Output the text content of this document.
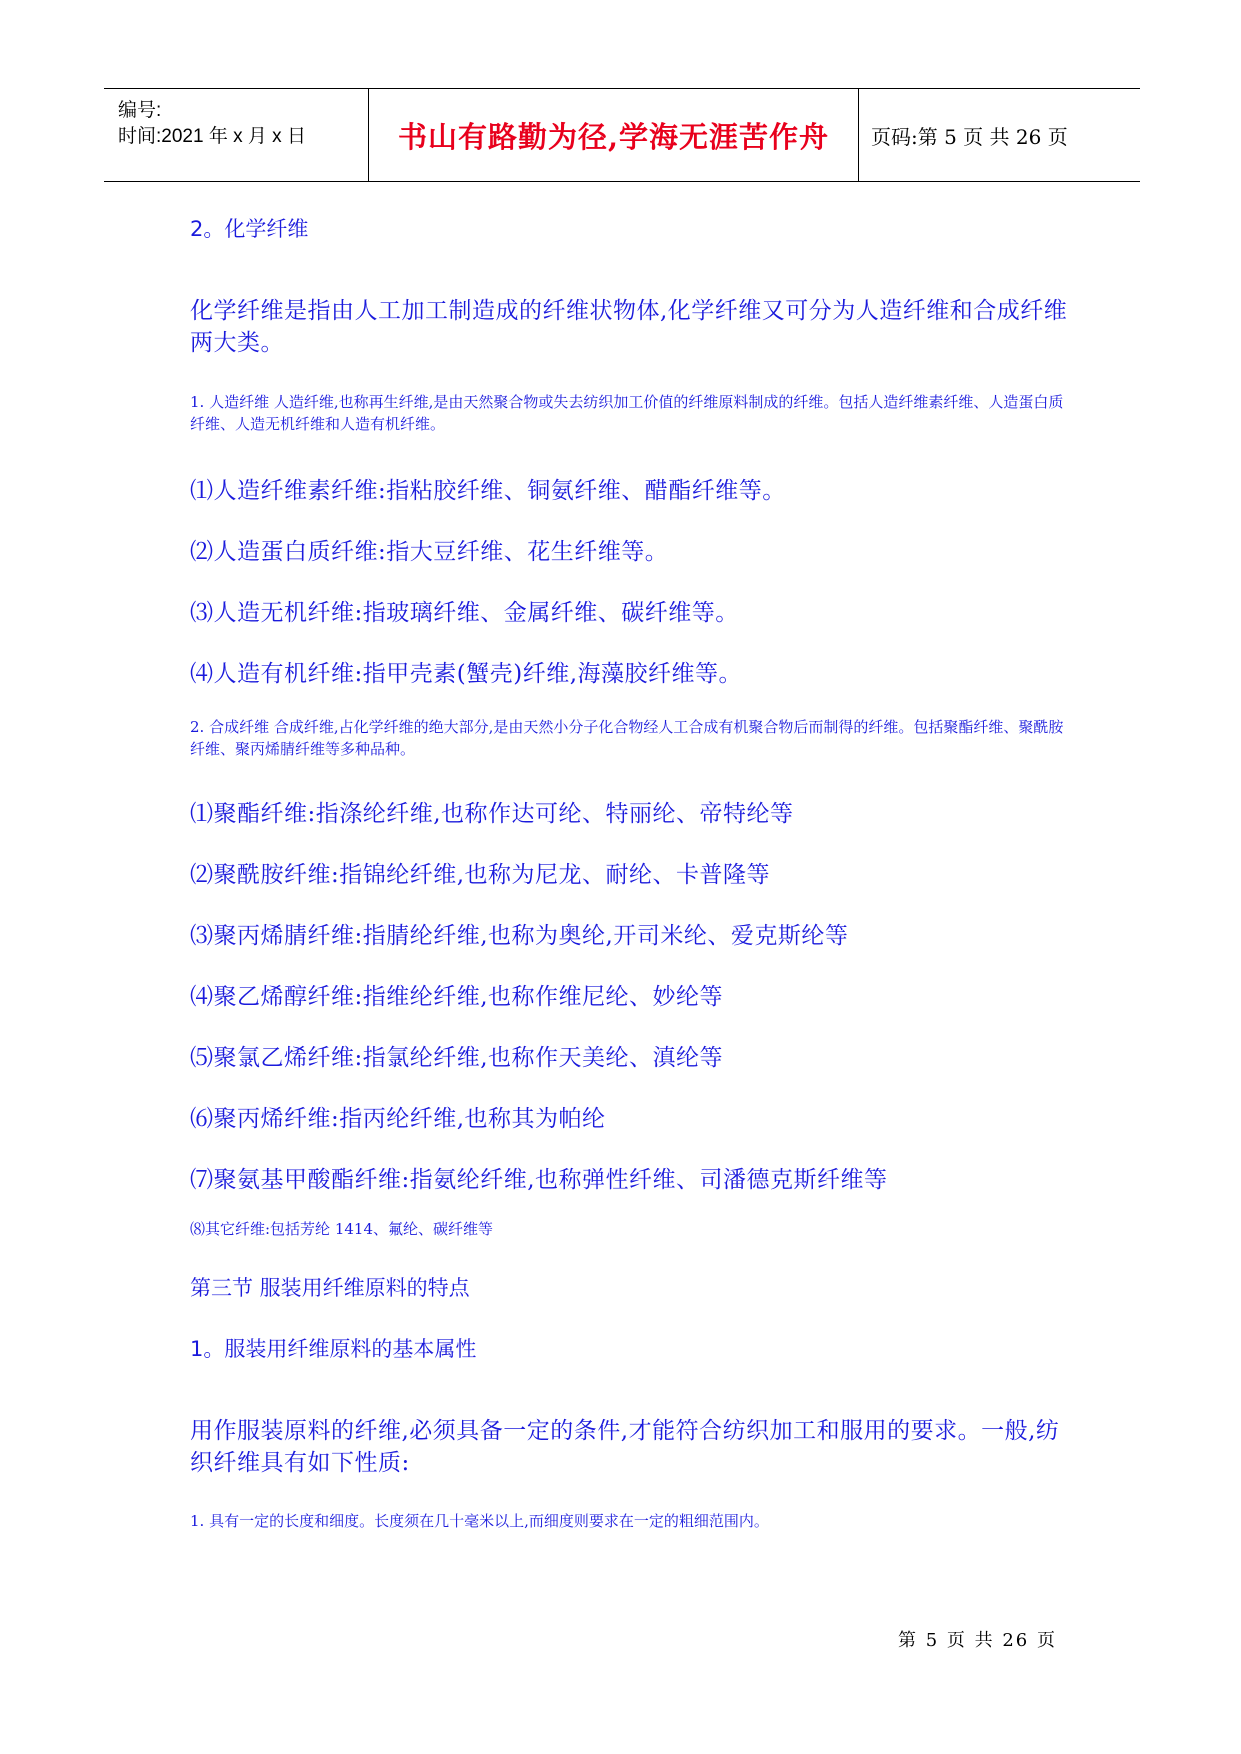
编号:
时间:2021 年 x 月 x 日	书山有路勤为径,学海无涯苦作舟 页码:第 5 页 共 26 页
2。化学纤维
化学纤维是指由人工加工制造成的纤维状物体,化学纤维又可分为人造纤维和合成纤维两大类。
1. 人造纤维 人造纤维,也称再生纤维,是由天然聚合物或失去纺织加工价值的纤维原料制成的纤维。包括人造纤维素纤维、人造蛋白质纤维、人造无机纤维和人造有机纤维。
⑴人造纤维素纤维:指粘胶纤维、铜氨纤维、醋酯纤维等。
⑵人造蛋白质纤维:指大豆纤维、花生纤维等。
⑶人造无机纤维:指玻璃纤维、金属纤维、碳纤维等。
⑷人造有机纤维:指甲壳素(蟹壳)纤维,海藻胶纤维等。
2. 合成纤维 合成纤维,占化学纤维的绝大部分,是由天然小分子化合物经人工合成有机聚合物后而制得的纤维。包括聚酯纤维、聚酰胺纤维、聚丙烯腈纤维等多种品种。
⑴聚酯纤维:指涤纶纤维,也称作达可纶、特丽纶、帝特纶等
⑵聚酰胺纤维:指锦纶纤维,也称为尼龙、耐纶、卡普隆等
⑶聚丙烯腈纤维:指腈纶纤维,也称为奥纶,开司米纶、爱克斯纶等
⑷聚乙烯醇纤维:指维纶纤维,也称作维尼纶、妙纶等
⑸聚氯乙烯纤维:指氯纶纤维,也称作天美纶、滇纶等
⑹聚丙烯纤维:指丙纶纤维,也称其为帕纶
⑺聚氨基甲酸酯纤维:指氨纶纤维,也称弹性纤维、司潘德克斯纤维等
⑻其它纤维:包括芳纶 1414、氟纶、碳纤维等
第三节 服装用纤维原料的特点
1。服装用纤维原料的基本属性
用作服装原料的纤维,必须具备一定的条件,才能符合纺织加工和服用的要求。一般,纺织纤维具有如下性质:
1. 具有一定的长度和细度。长度须在几十毫米以上,而细度则要求在一定的粗细范围内。
第 5 页 共 26 页
